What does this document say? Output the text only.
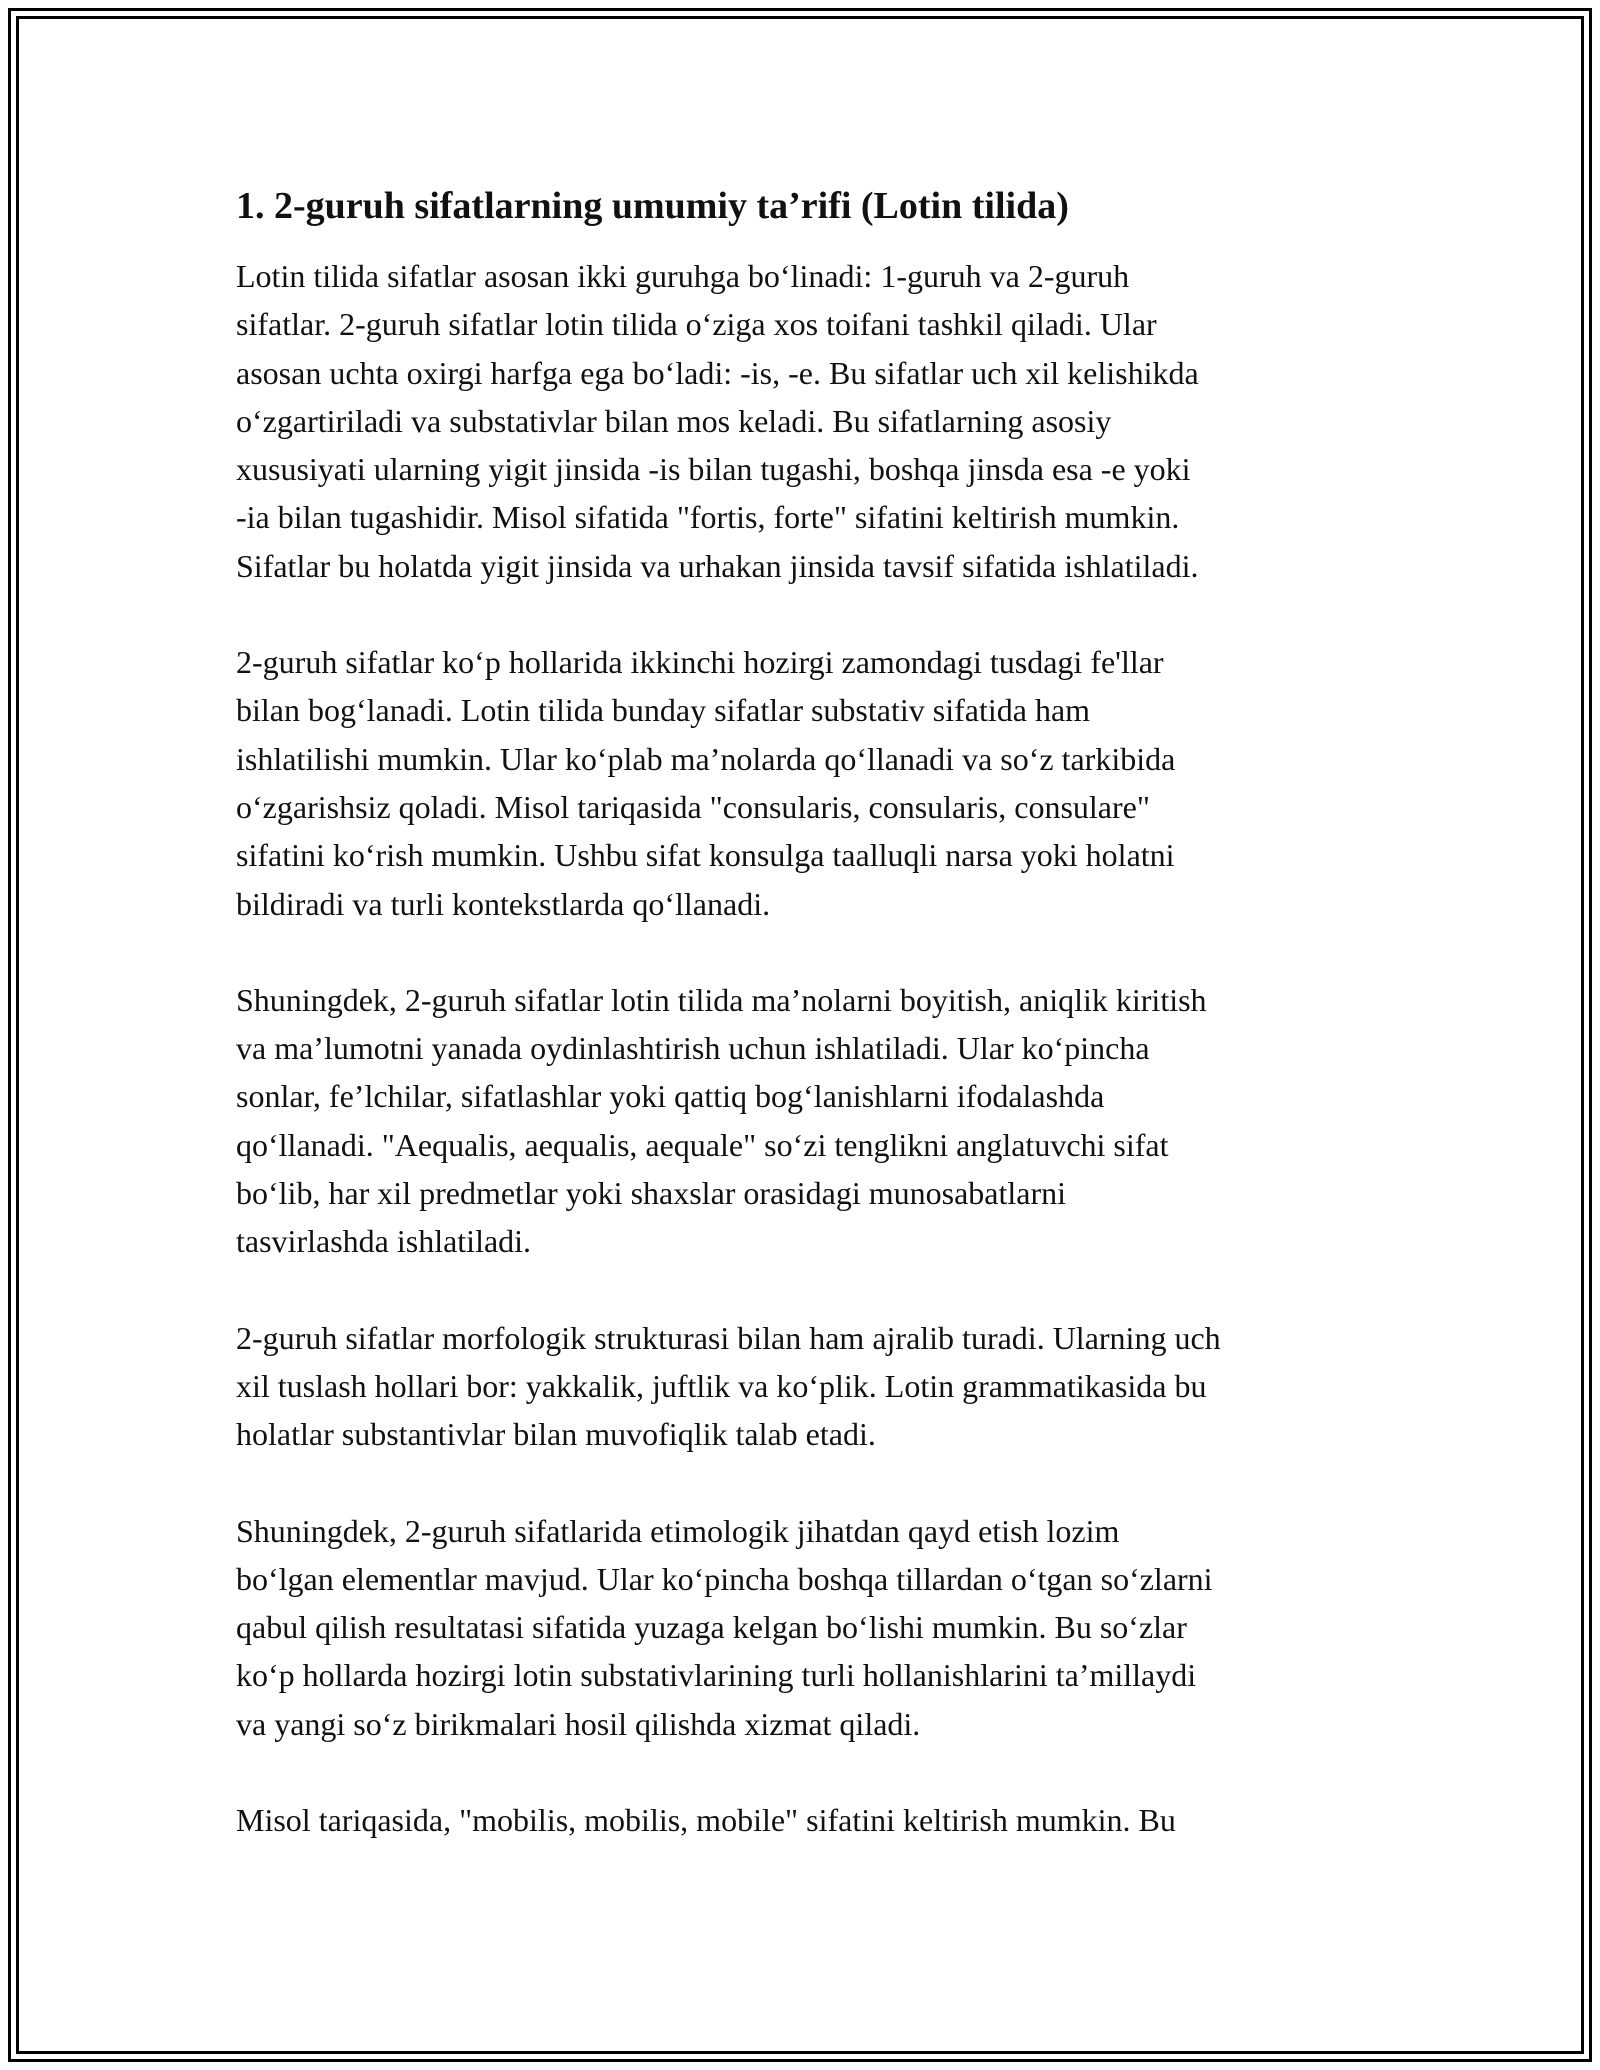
1. 2-guruh sifatlarning umumiy ta’rifi (Lotin tilida)

Lotin tilida sifatlar asosan ikki guruhga bo‘linadi: 1-guruh va 2-guruh
sifatlar. 2-guruh sifatlar lotin tilida o‘ziga xos toifani tashkil qiladi. Ular
asosan uchta oxirgi harfga ega bo‘ladi: -is, -e. Bu sifatlar uch xil kelishikda
o‘zgartiriladi va substativlar bilan mos keladi. Bu sifatlarning asosiy
xususiyati ularning yigit jinsida -is bilan tugashi, boshqa jinsda esa -e yoki
-ia bilan tugashidir. Misol sifatida "fortis, forte" sifatini keltirish mumkin.
Sifatlar bu holatda yigit jinsida va urhakan jinsida tavsif sifatida ishlatiladi.

2-guruh sifatlar ko‘p hollarida ikkinchi hozirgi zamondagi tusdagi fe'llar
bilan bog‘lanadi. Lotin tilida bunday sifatlar substativ sifatida ham
ishlatilishi mumkin. Ular ko‘plab ma’nolarda qo‘llanadi va so‘z tarkibida
o‘zgarishsiz qoladi. Misol tariqasida "consularis, consularis, consulare"
sifatini ko‘rish mumkin. Ushbu sifat konsulga taalluqli narsa yoki holatni
bildiradi va turli kontekstlarda qo‘llanadi.

Shuningdek, 2-guruh sifatlar lotin tilida ma’nolarni boyitish, aniqlik kiritish
va ma’lumotni yanada oydinlashtirish uchun ishlatiladi. Ular ko‘pincha
sonlar, fe’lchilar, sifatlashlar yoki qattiq bog‘lanishlarni ifodalashda
qo‘llanadi. "Aequalis, aequalis, aequale" so‘zi tenglikni anglatuvchi sifat
bo‘lib, har xil predmetlar yoki shaxslar orasidagi munosabatlarni
tasvirlashda ishlatiladi.

2-guruh sifatlar morfologik strukturasi bilan ham ajralib turadi. Ularning uch
xil tuslash hollari bor: yakkalik, juftlik va ko‘plik. Lotin grammatikasida bu
holatlar substantivlar bilan muvofiqlik talab etadi.

Shuningdek, 2-guruh sifatlarida etimologik jihatdan qayd etish lozim
bo‘lgan elementlar mavjud. Ular ko‘pincha boshqa tillardan o‘tgan so‘zlarni
qabul qilish resultatasi sifatida yuzaga kelgan bo‘lishi mumkin. Bu so‘zlar
ko‘p hollarda hozirgi lotin substativlarining turli hollanishlarini ta’millaydi
va yangi so‘z birikmalari hosil qilishda xizmat qiladi.

Misol tariqasida, "mobilis, mobilis, mobile" sifatini keltirish mumkin. Bu
